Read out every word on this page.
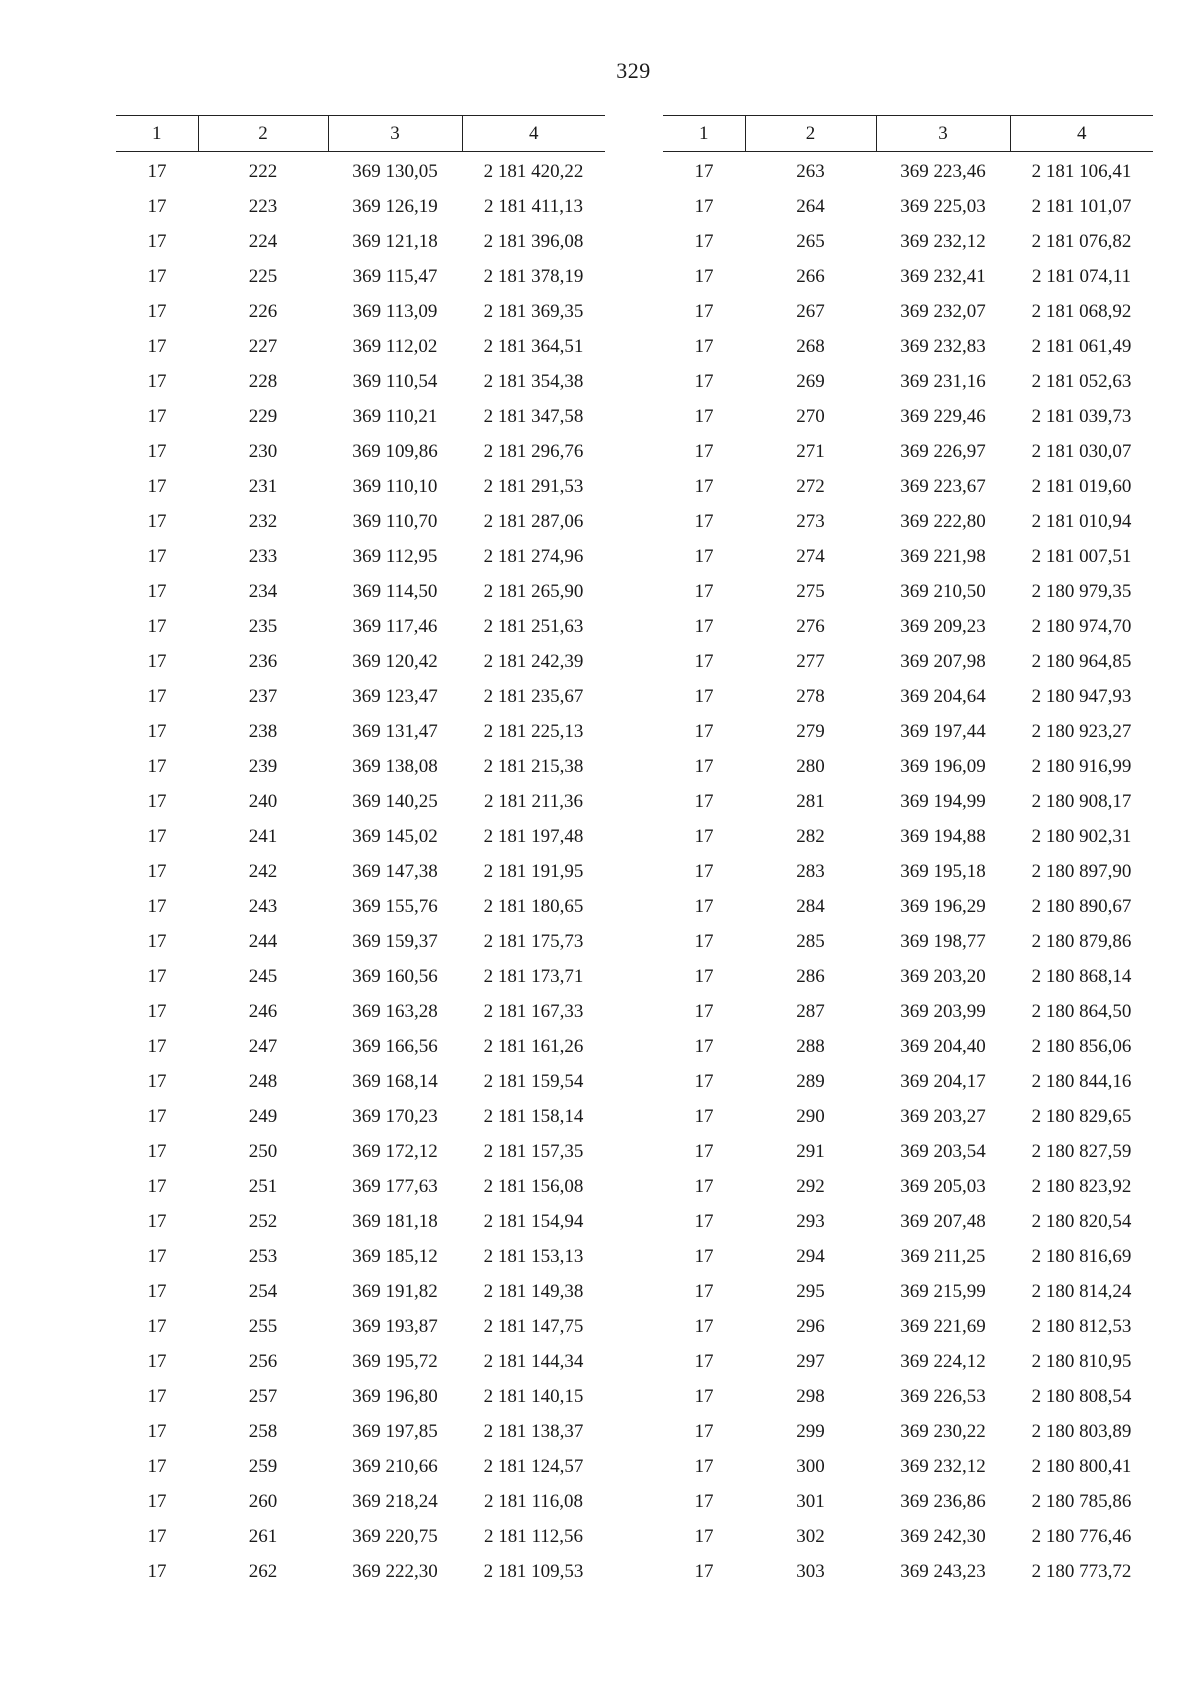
329
1	2	3	4
17	222	369 130,05	2 181 420,22
17	223	369 126,19	2 181 411,13
17	224	369 121,18	2 181 396,08
17	225	369 115,47	2 181 378,19
17	226	369 113,09	2 181 369,35
17	227	369 112,02	2 181 364,51
17	228	369 110,54	2 181 354,38
17	229	369 110,21	2 181 347,58
17	230	369 109,86	2 181 296,76
17	231	369 110,10	2 181 291,53
17	232	369 110,70	2 181 287,06
17	233	369 112,95	2 181 274,96
17	234	369 114,50	2 181 265,90
17	235	369 117,46	2 181 251,63
17	236	369 120,42	2 181 242,39
17	237	369 123,47	2 181 235,67
17	238	369 131,47	2 181 225,13
17	239	369 138,08	2 181 215,38
17	240	369 140,25	2 181 211,36
17	241	369 145,02	2 181 197,48
17	242	369 147,38	2 181 191,95
17	243	369 155,76	2 181 180,65
17	244	369 159,37	2 181 175,73
17	245	369 160,56	2 181 173,71
17	246	369 163,28	2 181 167,33
17	247	369 166,56	2 181 161,26
17	248	369 168,14	2 181 159,54
17	249	369 170,23	2 181 158,14
17	250	369 172,12	2 181 157,35
17	251	369 177,63	2 181 156,08
17	252	369 181,18	2 181 154,94
17	253	369 185,12	2 181 153,13
17	254	369 191,82	2 181 149,38
17	255	369 193,87	2 181 147,75
17	256	369 195,72	2 181 144,34
17	257	369 196,80	2 181 140,15
17	258	369 197,85	2 181 138,37
17	259	369 210,66	2 181 124,57
17	260	369 218,24	2 181 116,08
17	261	369 220,75	2 181 112,56
17	262	369 222,30	2 181 109,53
1	2	3	4
17	263	369 223,46	2 181 106,41
17	264	369 225,03	2 181 101,07
17	265	369 232,12	2 181 076,82
17	266	369 232,41	2 181 074,11
17	267	369 232,07	2 181 068,92
17	268	369 232,83	2 181 061,49
17	269	369 231,16	2 181 052,63
17	270	369 229,46	2 181 039,73
17	271	369 226,97	2 181 030,07
17	272	369 223,67	2 181 019,60
17	273	369 222,80	2 181 010,94
17	274	369 221,98	2 181 007,51
17	275	369 210,50	2 180 979,35
17	276	369 209,23	2 180 974,70
17	277	369 207,98	2 180 964,85
17	278	369 204,64	2 180 947,93
17	279	369 197,44	2 180 923,27
17	280	369 196,09	2 180 916,99
17	281	369 194,99	2 180 908,17
17	282	369 194,88	2 180 902,31
17	283	369 195,18	2 180 897,90
17	284	369 196,29	2 180 890,67
17	285	369 198,77	2 180 879,86
17	286	369 203,20	2 180 868,14
17	287	369 203,99	2 180 864,50
17	288	369 204,40	2 180 856,06
17	289	369 204,17	2 180 844,16
17	290	369 203,27	2 180 829,65
17	291	369 203,54	2 180 827,59
17	292	369 205,03	2 180 823,92
17	293	369 207,48	2 180 820,54
17	294	369 211,25	2 180 816,69
17	295	369 215,99	2 180 814,24
17	296	369 221,69	2 180 812,53
17	297	369 224,12	2 180 810,95
17	298	369 226,53	2 180 808,54
17	299	369 230,22	2 180 803,89
17	300	369 232,12	2 180 800,41
17	301	369 236,86	2 180 785,86
17	302	369 242,30	2 180 776,46
17	303	369 243,23	2 180 773,72
